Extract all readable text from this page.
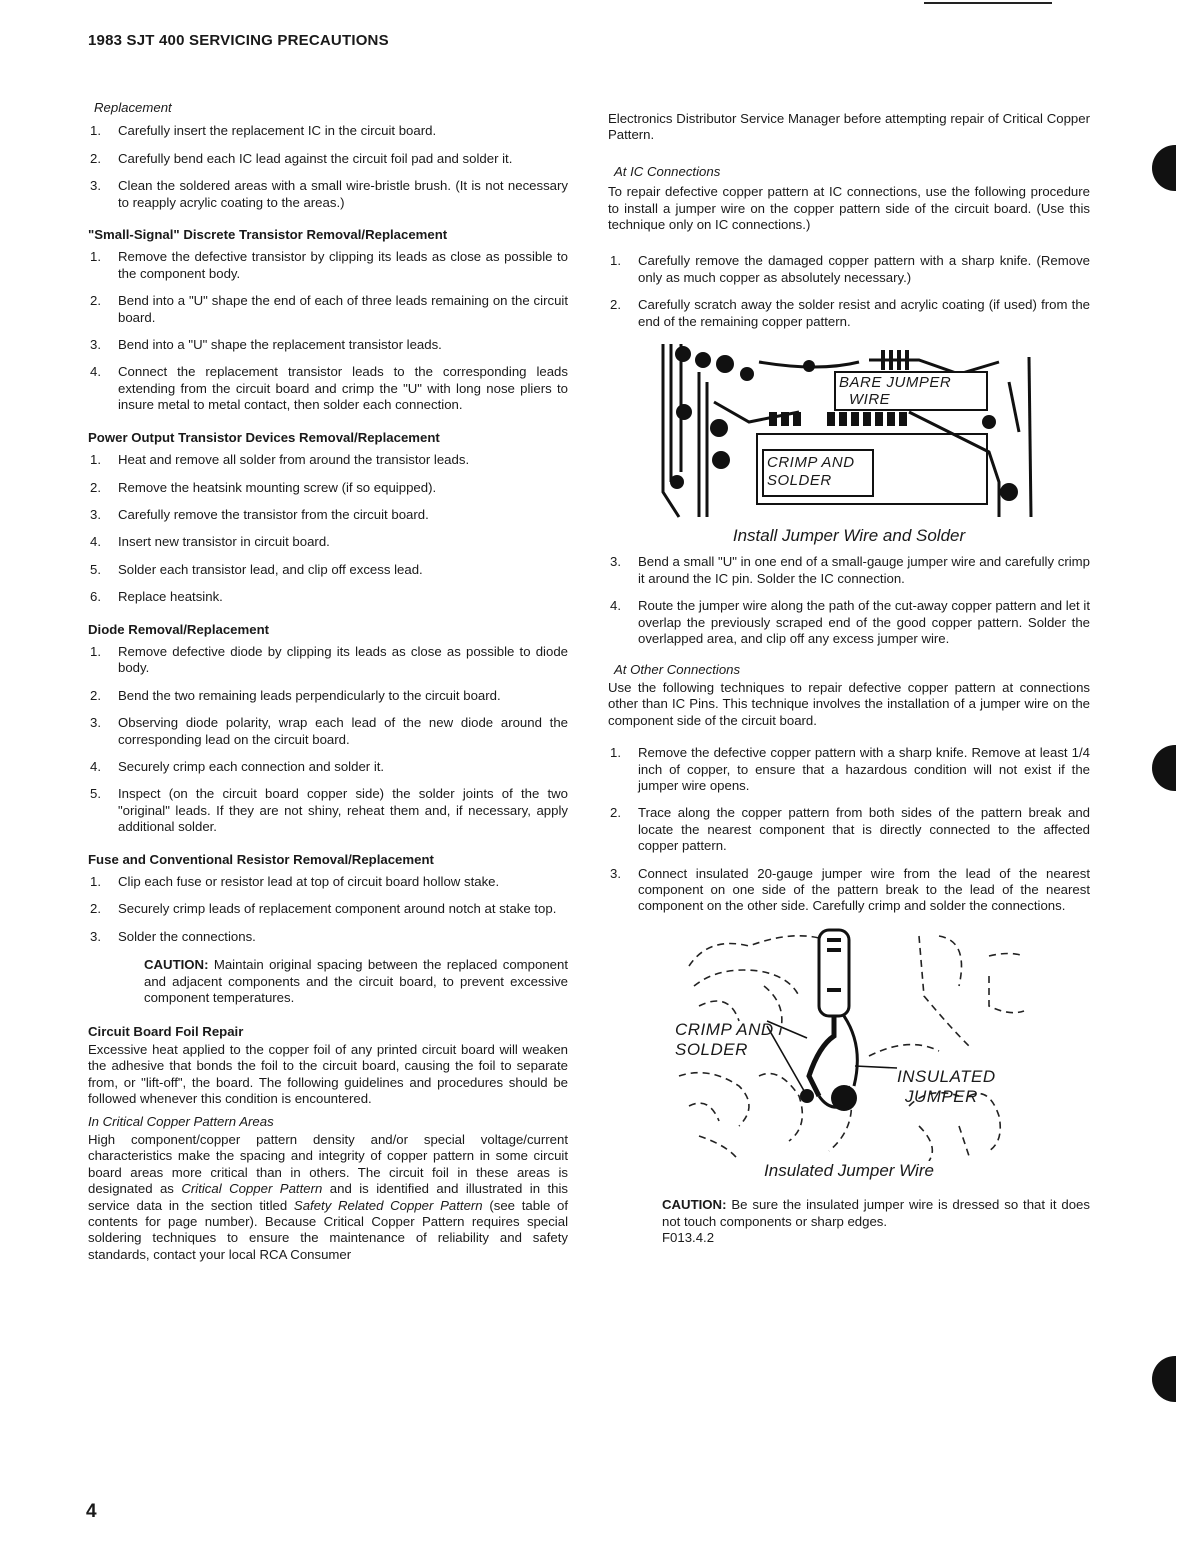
1983 SJT 400 SERVICING PRECAUTIONS
Replacement
1.	Carefully insert the replacement IC in the circuit board.
2.	Carefully bend each IC lead against the circuit foil pad and solder it.
3.	Clean the soldered areas with a small wire-bristle brush. (It is not necessary to reapply acrylic coating to the areas.)
"Small-Signal" Discrete Transistor Removal/Replacement
1.	Remove the defective transistor by clipping its leads as close as possible to the component body.
2.	Bend into a "U" shape the end of each of three leads remaining on the circuit board.
3.	Bend into a "U" shape the replacement transistor leads.
4.	Connect the replacement transistor leads to the corresponding leads extending from the circuit board and crimp the "U" with long nose pliers to insure metal to metal contact, then solder each connection.
Power Output Transistor Devices Removal/Replacement
1.	Heat and remove all solder from around the transistor leads.
2.	Remove the heatsink mounting screw (if so equipped).
3.	Carefully remove the transistor from the circuit board.
4.	Insert new transistor in circuit board.
5.	Solder each transistor lead, and clip off excess lead.
6.	Replace heatsink.
Diode Removal/Replacement
1.	Remove defective diode by clipping its leads as close as possible to diode body.
2.	Bend the two remaining leads perpendicularly to the circuit board.
3.	Observing diode polarity, wrap each lead of the new diode around the corresponding lead on the circuit board.
4.	Securely crimp each connection and solder it.
5.	Inspect (on the circuit board copper side) the solder joints of the two "original" leads. If they are not shiny, reheat them and, if necessary, apply additional solder.
Fuse and Conventional Resistor Removal/Replacement
1.	Clip each fuse or resistor lead at top of circuit board hollow stake.
2.	Securely crimp leads of replacement component around notch at stake top.
3.	Solder the connections.
CAUTION: Maintain original spacing between the replaced component and adjacent components and the circuit board, to prevent excessive component temperatures.
Circuit Board Foil Repair

Excessive heat applied to the copper foil of any printed circuit board will weaken the adhesive that bonds the foil to the circuit board, causing the foil to separate from, or "lift-off", the board. The following guidelines and procedures should be followed whenever this condition is encountered.

In Critical Copper Pattern Areas

High component/copper pattern density and/or special voltage/current characteristics make the spacing and integrity of copper pattern in some circuit board areas more critical than in others. The circuit foil in these areas is designated as Critical Copper Pattern and is identified and illustrated in this service data in the section titled Safety Related Copper Pattern (see table of contents for page number). Because Critical Copper Pattern requires special soldering techniques to ensure the maintenance of reliability and safety standards, contact your local RCA Consumer

Electronics Distributor Service Manager before attempting repair of Critical Copper Pattern.

At IC Connections

To repair defective copper pattern at IC connections, use the following procedure to install a jumper wire on the copper pattern side of the circuit board. (Use this technique only on IC connections.)

1.	Carefully remove the damaged copper pattern with a sharp knife. (Remove only as much copper as absolutely necessary.)
2.	Carefully scratch away the solder resist and acrylic coating (if used) from the end of the remaining copper pattern.
BARE JUMPER
WIRE
CRIMP AND
SOLDER
Install Jumper Wire and Solder
3.	Bend a small "U" in one end of a small-gauge jumper wire and carefully crimp it around the IC pin. Solder the IC connection.
4.	Route the jumper wire along the path of the cut-away copper pattern and let it overlap the previously scraped end of the good copper pattern. Solder the overlapped area, and clip off any excess jumper wire.
At Other Connections

Use the following techniques to repair defective copper pattern at connections other than IC Pins. This technique involves the installation of a jumper wire on the component side of the circuit board.

1.	Remove the defective copper pattern with a sharp knife. Remove at least 1/4 inch of copper, to ensure that a hazardous condition will not exist if the jumper wire opens.
2.	Trace along the copper pattern from both sides of the pattern break and locate the nearest component that is directly connected to the affected copper pattern.
3.	Connect insulated 20-gauge jumper wire from the lead of the nearest component on one side of the pattern break to the lead of the nearest component on the other side. Carefully crimp and solder the connections.
CRIMP AND
SOLDER
INSULATED
JUMPER
Insulated Jumper Wire
CAUTION: Be sure the insulated jumper wire is dressed so that it does not touch components or sharp edges.
F013.4.2
4
